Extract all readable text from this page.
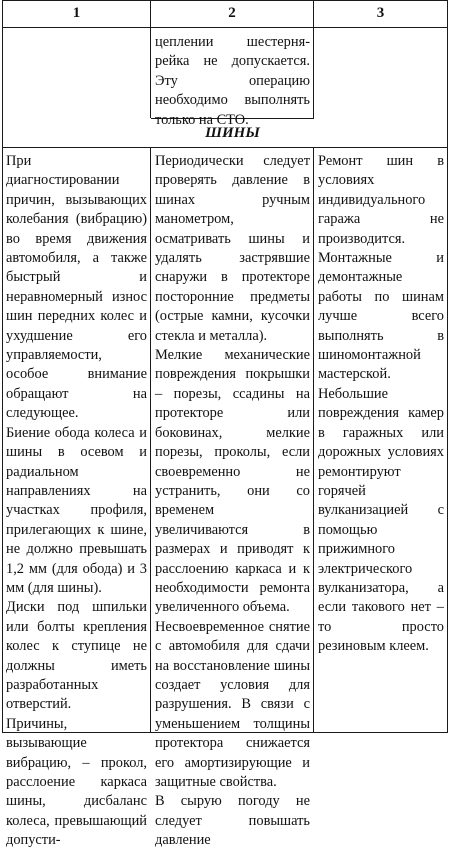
1	2	3

цеплении шестерня-рейка не допускается. Эту операцию необходимо выполнять только на СТО.

ШИНЫ

При диагностировании причин, вызывающих колебания (вибрацию) во время движения автомобиля, а также быстрый и неравномерный износ шин передних колес и ухудшение его управляемости, особое внимание обращают на следующее.

Биение обода колеса и шины в осевом и радиальном направлениях на участках профиля, прилегающих к шине, не должно превышать 1,2 мм (для обода) и 3 мм (для шины).

Диски под шпильки или болты крепления колес к ступице не должны иметь разработанных отверстий.

Причины, вызывающие вибрацию, – прокол, расслоение каркаса шины, дисбаланс колеса, превышающий допусти-

Периодически следует проверять давление в шинах ручным манометром, осматривать шины и удалять застрявшие снаружи в протекторе посторонние предметы (острые камни, кусочки стекла и металла).

Мелкие механические повреждения покрышки – порезы, ссадины на протекторе или боковинах, мелкие порезы, проколы, если своевременно не устранить, они со временем увеличиваются в размерах и приводят к расслоению каркаса и к необходимости ремонта увеличенного объема.

Несвоевременное снятие с автомобиля для сдачи на восстановление шины создает условия для разрушения. В связи с уменьшением толщины протектора снижается его амортизирующие и защитные свойства.

В сырую погоду не следует повышать давление

Ремонт шин в условиях индивидуального гаража не производится.

Монтажные и демонтажные работы по шинам лучше всего выполнять в шиномонтажной мастерской.

Небольшие повреждения камер в гаражных или дорожных условиях ремонтируют горячей вулканизацией с помощью прижимного электрического вулканизатора, а если такового нет – то просто резиновым клеем.
